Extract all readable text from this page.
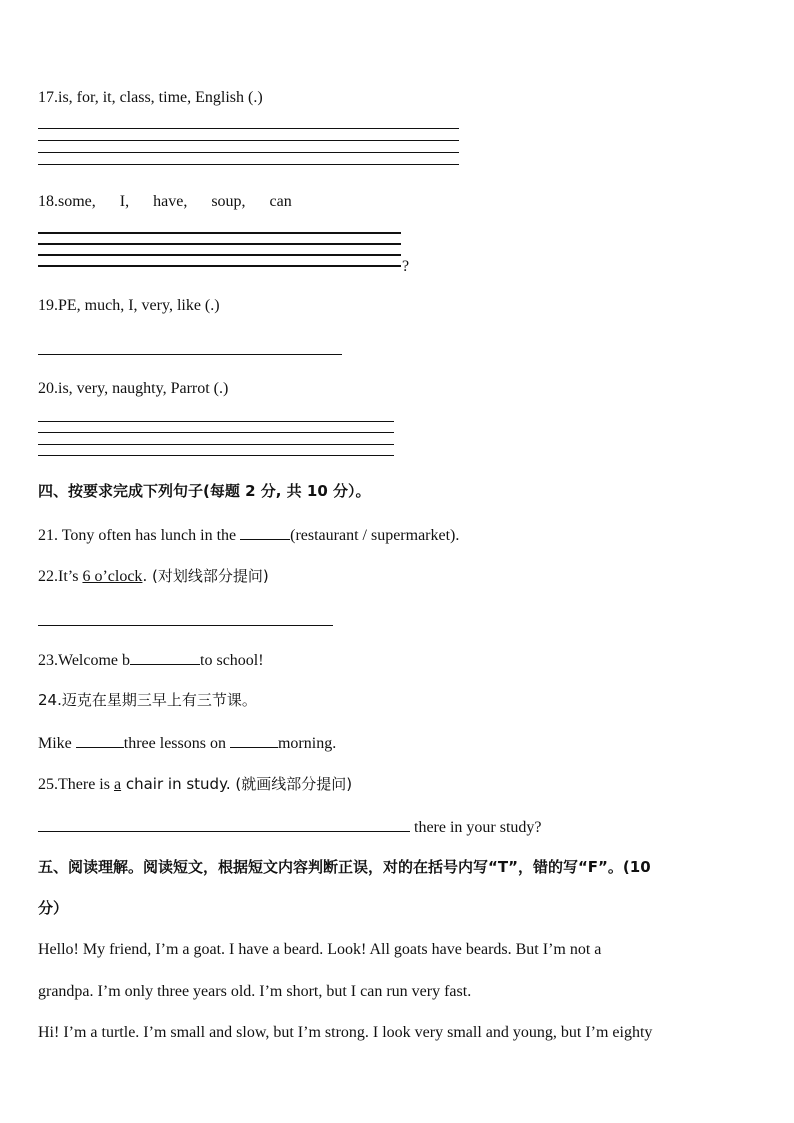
17.is, for, it, class, time, English (.)
18.some, I, have, soup, can
?
19.PE, much, I, very, like (.)
20.is, very, naughty, Parrot (.)
四、按要求完成下列句子(每题 2 分, 共 10 分）。
21. Tony often has lunch in the	(restaurant / supermarket).
22.It’s 6 o’clock. (对划线部分提问)
23.Welcome b	to school!
24.迈克在星期三早上有三节课。
Mike	three lessons on	morning.
25.There is a chair in study. (就画线部分提问)
there in your study?
五、阅读理解。阅读短文，根据短文内容判断正误，对的在括号内写“T”，错的写“F”。(10
分）
Hello! My friend, I’m a goat. I have a beard. Look! All goats have beards. But I’m not a
grandpa. I’m only three years old. I’m short, but I can run very fast.
Hi! I’m a turtle. I’m small and slow, but I’m strong. I look very small and young, but I’m eighty
